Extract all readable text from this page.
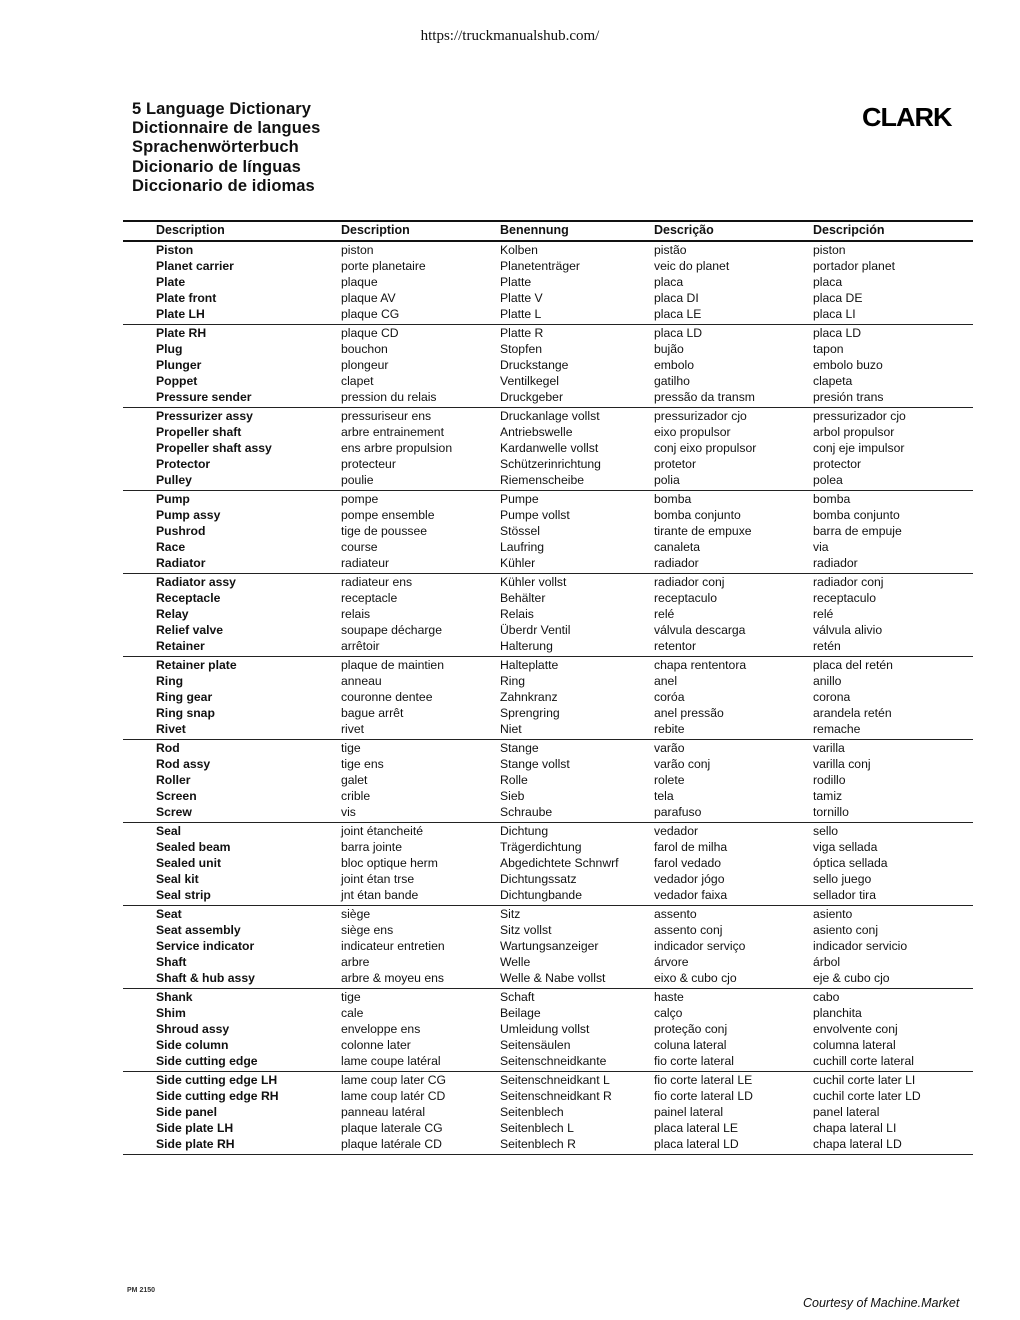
https://truckmanualshub.com/
5 Language Dictionary
Dictionnaire de langues
Sprachenwörterbuch
Dicionario de línguas
Diccionario de idiomas
CLARK
Description	Description	Benennung	Descrição	Descripción
Piston	piston	Kolben	pistão	piston
Planet carrier	porte planetaire	Planetenträger	veic do planet	portador planet
Plate	plaque	Platte	placa	placa
Plate front	plaque AV	Platte V	placa DI	placa DE
Plate LH	plaque CG	Platte L	placa LE	placa LI
Plate RH	plaque CD	Platte R	placa LD	placa LD
Plug	bouchon	Stopfen	bujão	tapon
Plunger	plongeur	Druckstange	embolo	embolo buzo
Poppet	clapet	Ventilkegel	gatilho	clapeta
Pressure sender	pression du relais	Druckgeber	pressão da transm	presión trans
Pressurizer assy	pressuriseur ens	Druckanlage vollst	pressurizador cjo	pressurizador cjo
Propeller shaft	arbre entrainement	Antriebswelle	eixo propulsor	arbol propulsor
Propeller shaft assy	ens arbre propulsion	Kardanwelle vollst	conj eixo propulsor	conj eje impulsor
Protector	protecteur	Schützerinrichtung	protetor	protector
Pulley	poulie	Riemenscheibe	polia	polea
Pump	pompe	Pumpe	bomba	bomba
Pump assy	pompe ensemble	Pumpe vollst	bomba conjunto	bomba conjunto
Pushrod	tige de poussee	Stössel	tirante de empuxe	barra de empuje
Race	course	Laufring	canaleta	via
Radiator	radiateur	Kühler	radiador	radiador
Radiator assy	radiateur ens	Kühler vollst	radiador conj	radiador conj
Receptacle	receptacle	Behälter	receptaculo	receptaculo
Relay	relais	Relais	relé	relé
Relief valve	soupape décharge	Überdr Ventil	válvula descarga	válvula alivio
Retainer	arrêtoir	Halterung	retentor	retén
Retainer plate	plaque de maintien	Halteplatte	chapa rententora	placa del retén
Ring	anneau	Ring	anel	anillo
Ring gear	couronne dentee	Zahnkranz	coróa	corona
Ring snap	bague arrêt	Sprengring	anel pressão	arandela retén
Rivet	rivet	Niet	rebite	remache
Rod	tige	Stange	varão	varilla
Rod assy	tige ens	Stange vollst	varão conj	varilla conj
Roller	galet	Rolle	rolete	rodillo
Screen	crible	Sieb	tela	tamiz
Screw	vis	Schraube	parafuso	tornillo
Seal	joint étancheité	Dichtung	vedador	sello
Sealed beam	barra jointe	Trägerdichtung	farol de milha	viga sellada
Sealed unit	bloc optique herm	Abgedichtete Schnwrf	farol vedado	óptica sellada
Seal kit	joint étan trse	Dichtungssatz	vedador jógo	sello juego
Seal strip	jnt étan bande	Dichtungbande	vedador faixa	sellador tira
Seat	siège	Sitz	assento	asiento
Seat assembly	siège ens	Sitz vollst	assento conj	asiento conj
Service indicator	indicateur entretien	Wartungsanzeiger	indicador serviço	indicador servicio
Shaft	arbre	Welle	árvore	árbol
Shaft & hub assy	arbre & moyeu ens	Welle & Nabe vollst	eixo & cubo cjo	eje & cubo cjo
Shank	tige	Schaft	haste	cabo
Shim	cale	Beilage	calço	planchita
Shroud assy	enveloppe ens	Umleidung vollst	proteção conj	envolvente conj
Side column	colonne later	Seitensäulen	coluna lateral	columna lateral
Side cutting edge	lame coupe latéral	Seitenschneidkante	fio corte lateral	cuchill corte lateral
Side cutting edge LH	lame coup later CG	Seitenschneidkant L	fio corte lateral LE	cuchil corte later LI
Side cutting edge RH	lame coup latér CD	Seitenschneidkant R	fio corte lateral LD	cuchil corte later LD
Side panel	panneau latéral	Seitenblech	painel lateral	panel lateral
Side plate LH	plaque laterale CG	Seitenblech L	placa lateral LE	chapa lateral LI
Side plate RH	plaque latérale CD	Seitenblech R	placa lateral LD	chapa lateral LD
PM 2150
Courtesy of Machine.Market
